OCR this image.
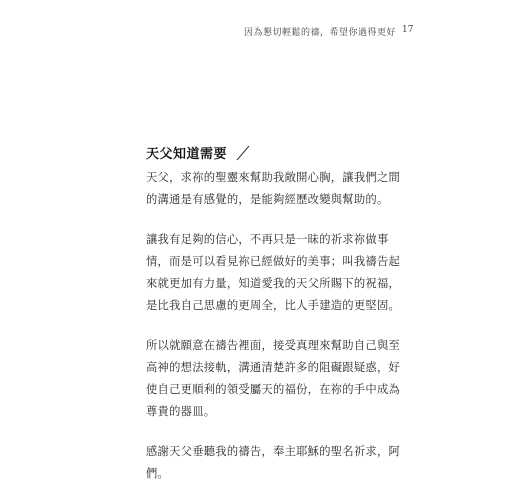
因為懇切輕鬆的禱，希望你過得更好 17
天父知道需要

天父，求祢的聖靈來幫助我敞開心胸，讓我們之間
的溝通是有感覺的，是能夠經歷改變與幫助的。

讓我有足夠的信心，不再只是一昧的祈求祢做事
情，而是可以看見祢已經做好的美事；叫我禱告起
來就更加有力量，知道愛我的天父所賜下的祝福，
是比我自己思慮的更周全，比人手建造的更堅固。

所以就願意在禱告裡面，接受真理來幫助自己與至
高神的想法接軌，溝通清楚許多的阻礙跟疑惑，好
使自己更順利的領受屬天的福份，在祢的手中成為
尊貴的器皿。

感謝天父垂聽我的禱告，奉主耶穌的聖名祈求，阿
們。
